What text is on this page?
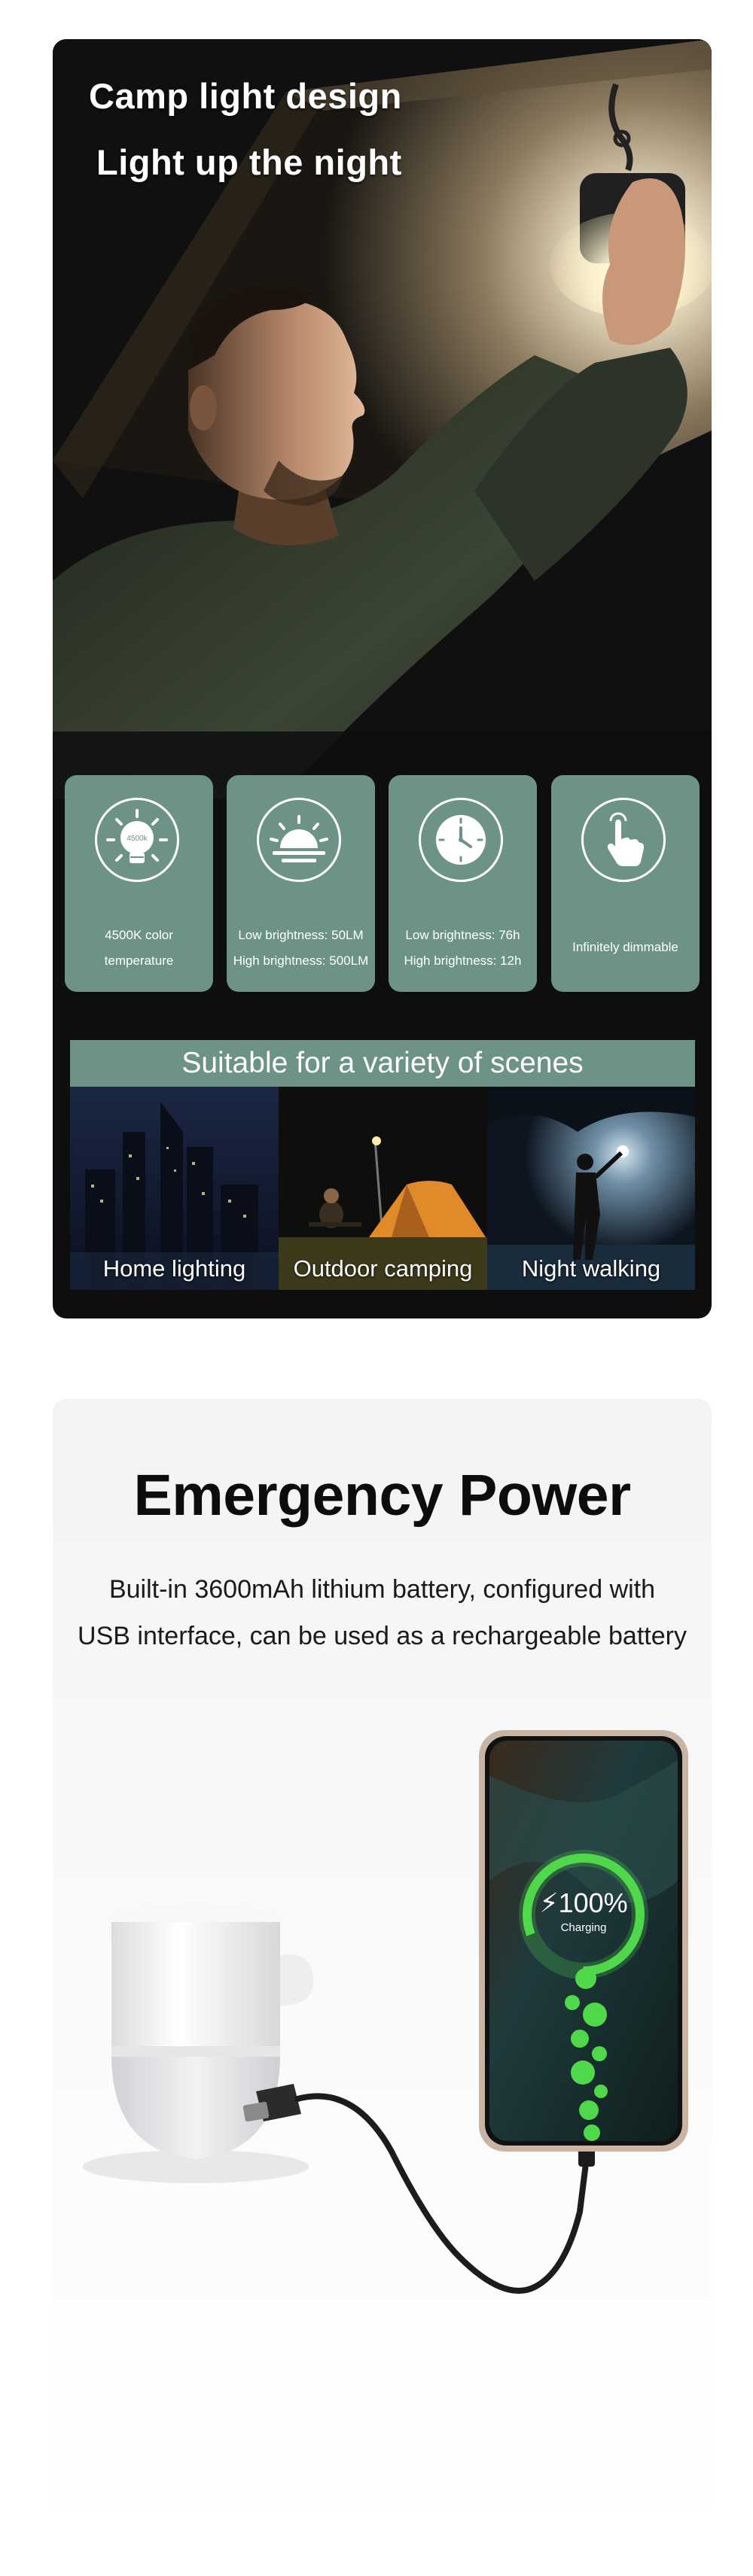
Camp light design
Light up the night
4500k
4500K color
temperature
Low brightness: 50LM
High brightness: 500LM
Low brightness: 76h
High brightness: 12h
Infinitely dimmable
Suitable for a variety of scenes
Home lighting	Outdoor camping	Night walking
Emergency Power
Built-in 3600mAh lithium battery, configured with
USB interface, can be used as a rechargeable battery
⚡100%
Charging
